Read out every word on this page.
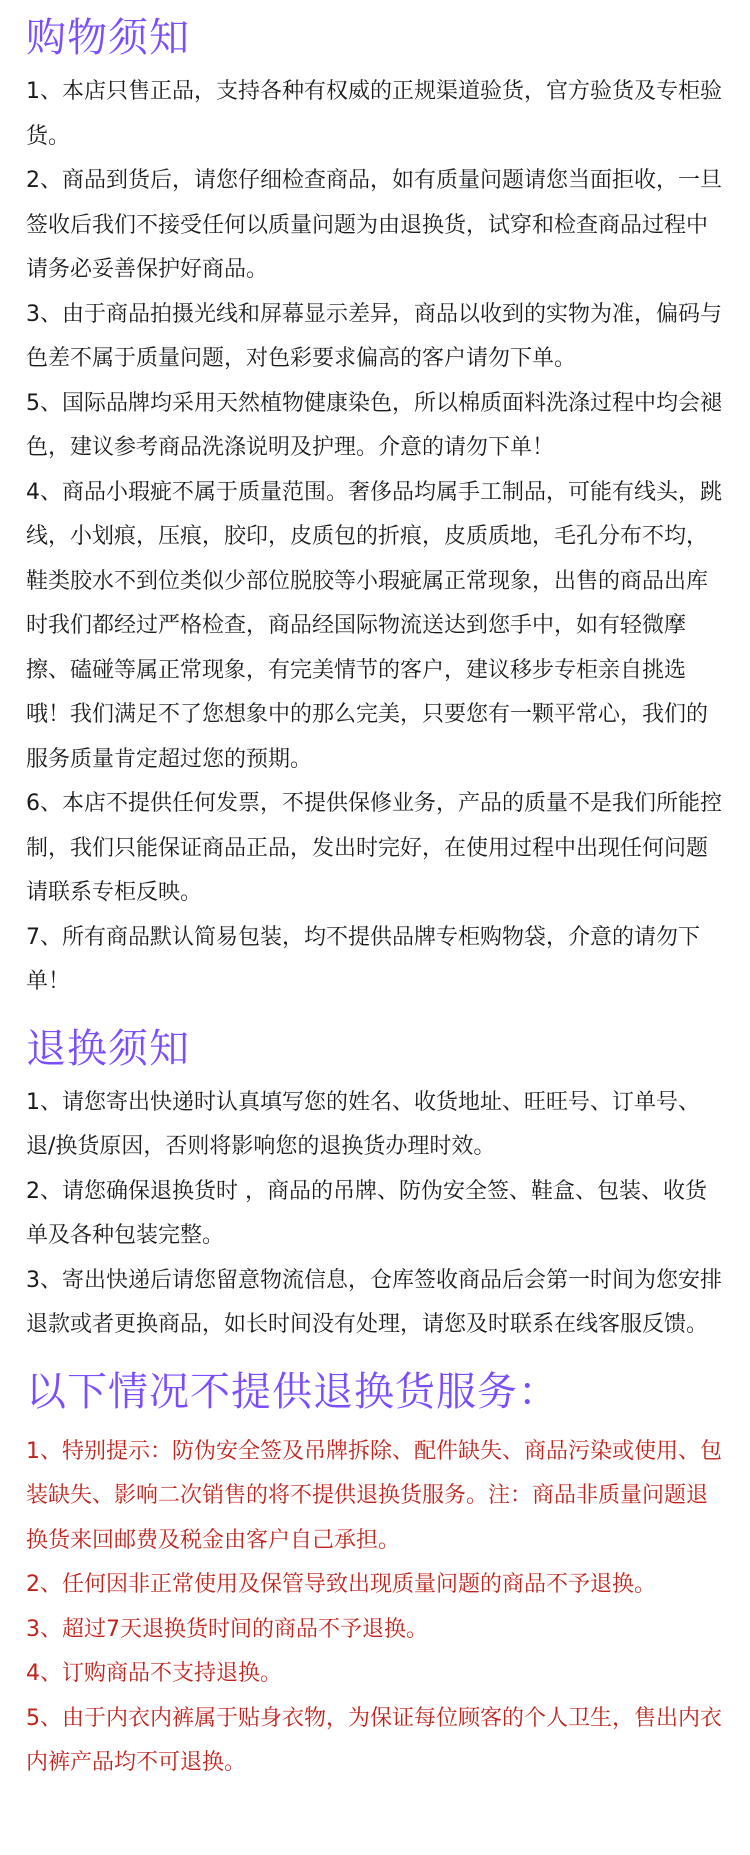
购物须知
1、本店只售正品，支持各种有权威的正规渠道验货，官方验货及专柜验货。
2、商品到货后，请您仔细检查商品，如有质量问题请您当面拒收，一旦签收后我们不接受任何以质量问题为由退换货，试穿和检查商品过程中请务必妥善保护好商品。
3、由于商品拍摄光线和屏幕显示差异，商品以收到的实物为准，偏码与色差不属于质量问题，对色彩要求偏高的客户请勿下单。
5、国际品牌均采用天然植物健康染色，所以棉质面料洗涤过程中均会褪色，建议参考商品洗涤说明及护理。介意的请勿下单！
4、商品小瑕疵不属于质量范围。奢侈品均属手工制品，可能有线头，跳线，小划痕，压痕，胶印，皮质包的折痕，皮质质地，毛孔分布不均，鞋类胶水不到位类似少部位脱胶等小瑕疵属正常现象，出售的商品出库时我们都经过严格检查，商品经国际物流送达到您手中，如有轻微摩擦、磕碰等属正常现象，有完美情节的客户，建议移步专柜亲自挑选哦！我们满足不了您想象中的那么完美，只要您有一颗平常心，我们的服务质量肯定超过您的预期。
6、本店不提供任何发票，不提供保修业务，产品的质量不是我们所能控制，我们只能保证商品正品，发出时完好，在使用过程中出现任何问题请联系专柜反映。
7、所有商品默认简易包装，均不提供品牌专柜购物袋，介意的请勿下单！
退换须知
1、请您寄出快递时认真填写您的姓名、收货地址、旺旺号、订单号、退/换货原因，否则将影响您的退换货办理时效。
2、请您确保退换货时 ，商品的吊牌、防伪安全签、鞋盒、包装、收货单及各种包装完整。
3、寄出快递后请您留意物流信息，仓库签收商品后会第一时间为您安排退款或者更换商品，如长时间没有处理，请您及时联系在线客服反馈。
以下情况不提供退换货服务：
1、特别提示：防伪安全签及吊牌拆除、配件缺失、商品污染或使用、包装缺失、影响二次销售的将不提供退换货服务。注：商品非质量问题退换货来回邮费及税金由客户自己承担。
2、任何因非正常使用及保管导致出现质量问题的商品不予退换。
3、超过7天退换货时间的商品不予退换。
4、订购商品不支持退换。
5、由于内衣内裤属于贴身衣物，为保证每位顾客的个人卫生，售出内衣内裤产品均不可退换。
